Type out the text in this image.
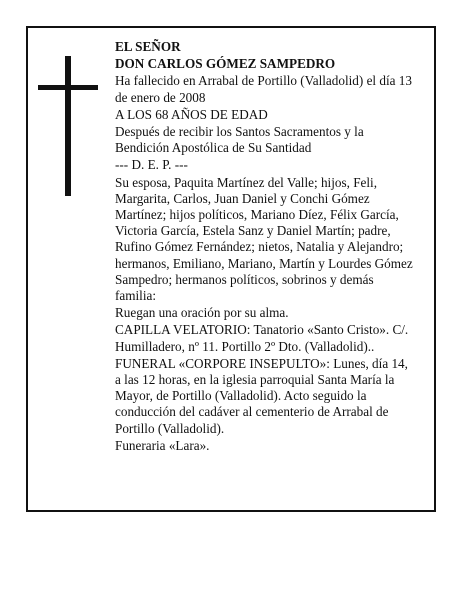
EL SEÑOR

DON CARLOS GÓMEZ SAMPEDRO

Ha fallecido en Arrabal de Portillo (Valladolid) el día 13 de enero de 2008

A LOS 68 AÑOS DE EDAD

Después de recibir los Santos Sacramentos y la Bendición Apostólica de Su Santidad

--- D. E. P. ---

Su esposa, Paquita Martínez del Valle; hijos, Feli, Margarita, Carlos, Juan Daniel y Conchi Gómez Martínez; hijos políticos, Mariano Díez, Félix García, Victoria García, Estela Sanz y Daniel Martín; padre, Rufino Gómez Fernández; nietos, Natalia y Alejandro; hermanos, Emiliano, Mariano, Martín y Lourdes Gómez Sampedro; hermanos políticos, sobrinos y demás familia:

Ruegan una oración por su alma.

CAPILLA VELATORIO: Tanatorio «Santo Cristo». C/. Humilladero, nº 11. Portillo 2º Dto. (Valladolid)..

FUNERAL «CORPORE INSEPULTO»: Lunes, día 14, a las 12 horas, en la iglesia parroquial Santa María la Mayor, de Portillo (Valladolid). Acto seguido la conducción del cadáver al cementerio de Arrabal de Portillo (Valladolid).

Funeraria «Lara».
